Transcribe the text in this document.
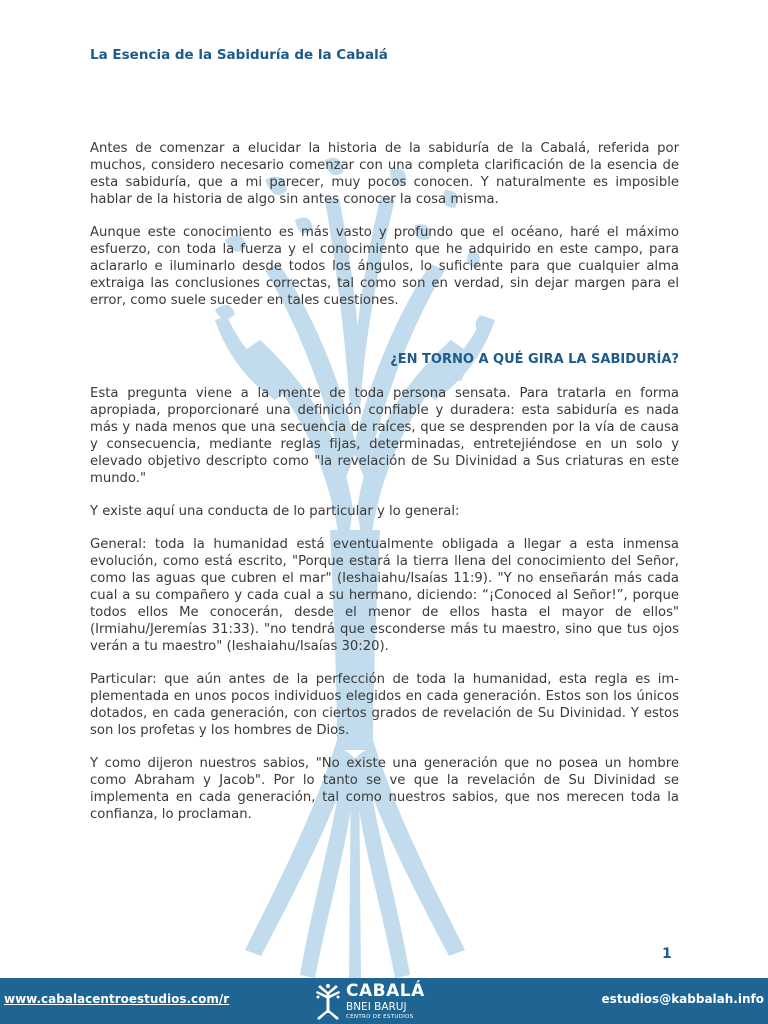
La Esencia de la Sabiduría de la Cabalá

Antes de comenzar a elucidar la historia de la sabiduría de la Cabalá, referida por muchos, considero necesario comenzar con una completa clarificación de la esencia de esta sabiduría, que a mi parecer, muy pocos conocen. Y naturalmente es imposible hablar de la historia de algo sin antes conocer la cosa misma.

Aunque este conocimiento es más vasto y profundo que el océano, haré el máximo esfuerzo, con toda la fuerza y el conocimiento que he adquirido en este campo, para aclararlo e iluminarlo desde todos los ángulos, lo suficiente para que cualquier alma extraiga las conclusiones correctas, tal como son en verdad, sin dejar margen para el error, como suele suceder en tales cuestiones.

¿EN TORNO A QUÉ GIRA LA SABIDURÍA?

Esta pregunta viene a la mente de toda persona sensata. Para tratarla en forma apropiada, proporcionaré una definición confiable y duradera: esta sabiduría es nada más y nada menos que una secuencia de raíces, que se desprenden por la vía de causa y consecuencia, mediante reglas fijas, determinadas, entretejiéndose en un solo y elevado objetivo descripto como "la revelación de Su Divinidad a Sus criaturas en este mundo."

Y existe aquí una conducta de lo particular y lo general:

General: toda la humanidad está eventualmente obligada a llegar a esta inmensa evolución, como está escrito, "Porque estará la tierra llena del conocimiento del Señor, como las aguas que cubren el mar" (Ieshaiahu/Isaías 11:9). "Y no enseñarán más cada cual a su compañero y cada cual a su hermano, diciendo: “¡Conoced al Señor!”, porque todos ellos Me conocerán, desde el menor de ellos hasta el mayor de ellos" (Irmiahu/Jeremías 31:33). "no tendrá que esconderse más tu maestro, sino que tus ojos verán a tu maestro" (Ieshaiahu/Isaías 30:20).

Particular: que aún antes de la perfección de toda la humanidad, esta regla es implementada en unos pocos individuos elegidos en cada generación. Estos son los únicos dotados, en cada generación, con ciertos grados de revelación de Su Divinidad. Y estos son los profetas y los hombres de Dios.

Y como dijeron nuestros sabios, "No existe una generación que no posea un hombre como Abraham y Jacob". Por lo tanto se ve que la revelación de Su Divinidad se implementa en cada generación, tal como nuestros sabios, que nos merecen toda la confianza, lo proclaman.

1
www.cabalacentroestudios.com/r	CABALÁ
BNEI BARUJ
CENTRO DE ESTUDIOS
estudios@kabbalah.info
